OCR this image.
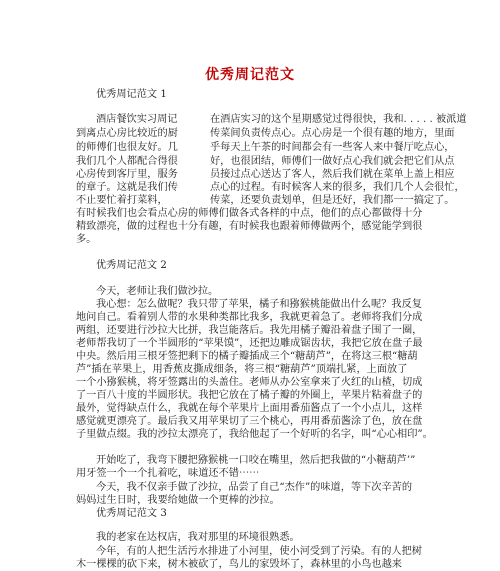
优秀周记范文
优秀周记范文 1
酒店餐饮实习周记
到离点心房比较近的厨
的师傅们也很友好。几
我们几个人都配合得很
心房传到客厅里，服务
的章子。这就是我们传
不止要忙着打菜料，
在酒店实习的这个星期感觉过得很快，我和. . . . . 被派道
传菜间负责传点心。点心房是一个很有趣的地方，里面
乎每天上午茶的时间都会有一些客人来中餐厅吃点心，
好，也很团结，师傅们一做好点心我们就会把它们从点
员接过点心送达了客人，然后我们就在菜单上盖上相应
点心的过程。有时候客人来的很多，我们几个人会很忙，
传菜，还要负责划单，但是还好，我们都一一搞定了。
有时候我们也会看点心房的师傅们做各式各样的中点，他们的点心都做得十分
精致漂亮，做的过程也十分有趣，有时候我也跟着师傅做两个，感觉能学到很
多。
优秀周记范文 2
今天，老师让我们做沙拉。
我心想：怎么做呢？我只带了苹果，橘子和猕猴桃能做出什么呢？我反复
地问自己。看着别人带的水果种类都比我多，我就更着急了。老师将我们分成
两组，还要进行沙拉大比拼，我岂能落后。我先用橘子瓣沿着盘子围了一圈，
老师帮我切了一个半圆形的“苹果馍”，还把边雕成锯齿状，我把它放在盘子最
中央。然后用三根牙签把剩下的橘子瓣插成三个“糖葫芦”，在将这三根“糖葫
芦”插在苹果上，用香蕉皮撕成细条，将三根“糖葫芦”顶端扎紧，上面放了
一个小猕猴桃，将牙签露出的头盖住。老师从办公室拿来了火红的山楂，切成
了一百八十度的半圆形状。我把它放在了橘子瓣的外圈上，苹果片粘着盘子的
最外，觉得缺点什么，我就在每个苹果片上面用番茄酱点了一个小点儿，这样
感觉就更漂亮了。最后我又用苹果切了三个桃心，再用番茄酱涂了色，放在盘
子里做点缀。我的沙拉太漂亮了，我给他起了一个好听的名字，叫“心心相印”。
开始吃了，我弯下腰把猕猴桃一口咬在嘴里，然后把我做的“小糖葫芦’”
用牙签一个一个扎着吃，味道还不错⋯⋯
今天，我不仅亲手做了沙拉，品尝了自己“杰作”的味道，等下次辛苦的
妈妈过生日时，我要给她做一个更棒的沙拉。
优秀周记范文 3
我的老家在达权店，我对那里的环境很熟悉。
今年，有的人把生活污水排进了小河里，使小河受到了污染。有的人把树
木一棵棵的砍下来，树木被砍了，鸟儿的家毁坏了，森林里的小鸟也越来
